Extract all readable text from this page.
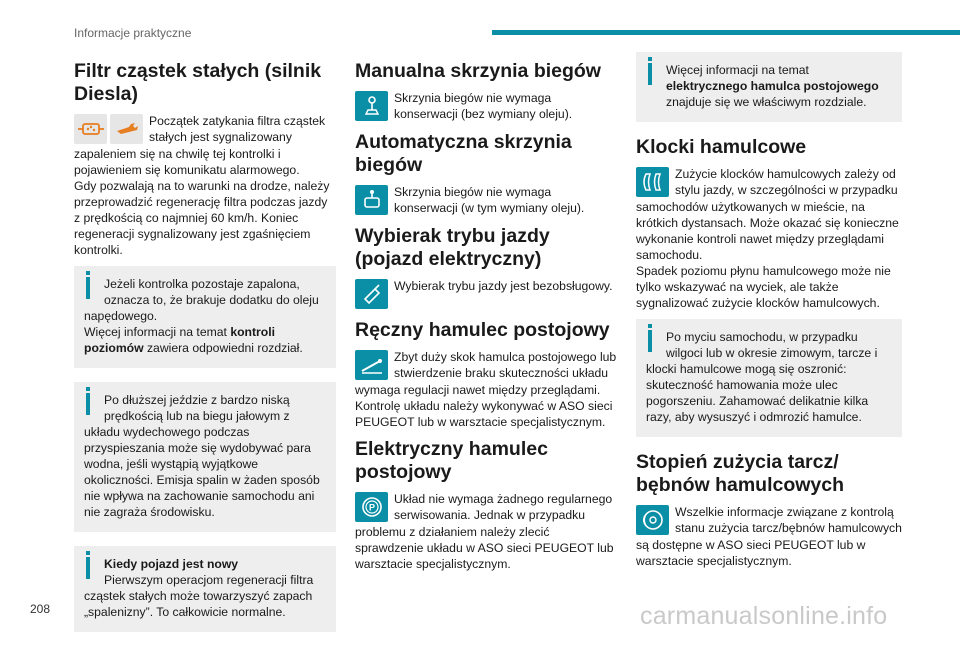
Informacje praktyczne
Filtr cząstek stałych (silnik Diesla)
Początek zatykania filtra cząstek stałych jest sygnalizowany
zapaleniem się na chwilę tej kontrolki i pojawieniem się komunikatu alarmowego.
Gdy pozwalają na to warunki na drodze, należy przeprowadzić regenerację filtra podczas jazdy z prędkością co najmniej 60 km/h. Koniec regeneracji sygnalizowany jest zgaśnięciem kontrolki.
Jeżeli kontrolka pozostaje zapalona, oznacza to, że brakuje dodatku do oleju
napędowego.
Więcej informacji na temat kontroli poziomów zawiera odpowiedni rozdział.
Po dłuższej jeździe z bardzo niską prędkością lub na biegu jałowym z
układu wydechowego podczas przyspieszania może się wydobywać para wodna, jeśli wystąpią wyjątkowe okoliczności. Emisja spalin w żaden sposób nie wpływa na zachowanie samochodu ani nie zagraża środowisku.
Kiedy pojazd jest nowy
Pierwszym operacjom regeneracji filtra
cząstek stałych może towarzyszyć zapach „spalenizny”. To całkowicie normalne.
Manualna skrzynia biegów
Skrzynia biegów nie wymaga konserwacji (bez wymiany oleju).
Automatyczna skrzynia biegów
Skrzynia biegów nie wymaga konserwacji (w tym wymiany oleju).
Wybierak trybu jazdy (pojazd elektryczny)
Wybierak trybu jazdy jest bezobsługowy.
Ręczny hamulec postojowy
Zbyt duży skok hamulca postojowego lub stwierdzenie braku skuteczności układu
wymaga regulacji nawet między przeglądami.
Kontrolę układu należy wykonywać w ASO sieci PEUGEOT lub w warsztacie specjalistycznym.
Elektryczny hamulec postojowy
P
Układ nie wymaga żadnego regularnego serwisowania. Jednak w przypadku
problemu z działaniem należy zlecić sprawdzenie układu w ASO sieci PEUGEOT lub warsztacie specjalistycznym.
Więcej informacji na temat elektrycznego hamulca postojowego znajduje się we właściwym rozdziale.
Klocki hamulcowe
Zużycie klocków hamulcowych zależy od stylu jazdy, w szczególności w przypadku
samochodów użytkowanych w mieście, na krótkich dystansach. Może okazać się konieczne wykonanie kontroli nawet między przeglądami samochodu.
Spadek poziomu płynu hamulcowego może nie tylko wskazywać na wyciek, ale także sygnalizować zużycie klocków hamulcowych.
Po myciu samochodu, w przypadku wilgoci lub w okresie zimowym, tarcze i
klocki hamulcowe mogą się oszronić: skuteczność hamowania może ulec pogorszeniu. Zahamować delikatnie kilka razy, aby wysuszyć i odmrozić hamulce.
Stopień zużycia tarcz/ bębnów hamulcowych
Wszelkie informacje związane z kontrolą stanu zużycia tarcz/bębnów hamulcowych
są dostępne w ASO sieci PEUGEOT lub w warsztacie specjalistycznym.
208	carmanualsonline.info
